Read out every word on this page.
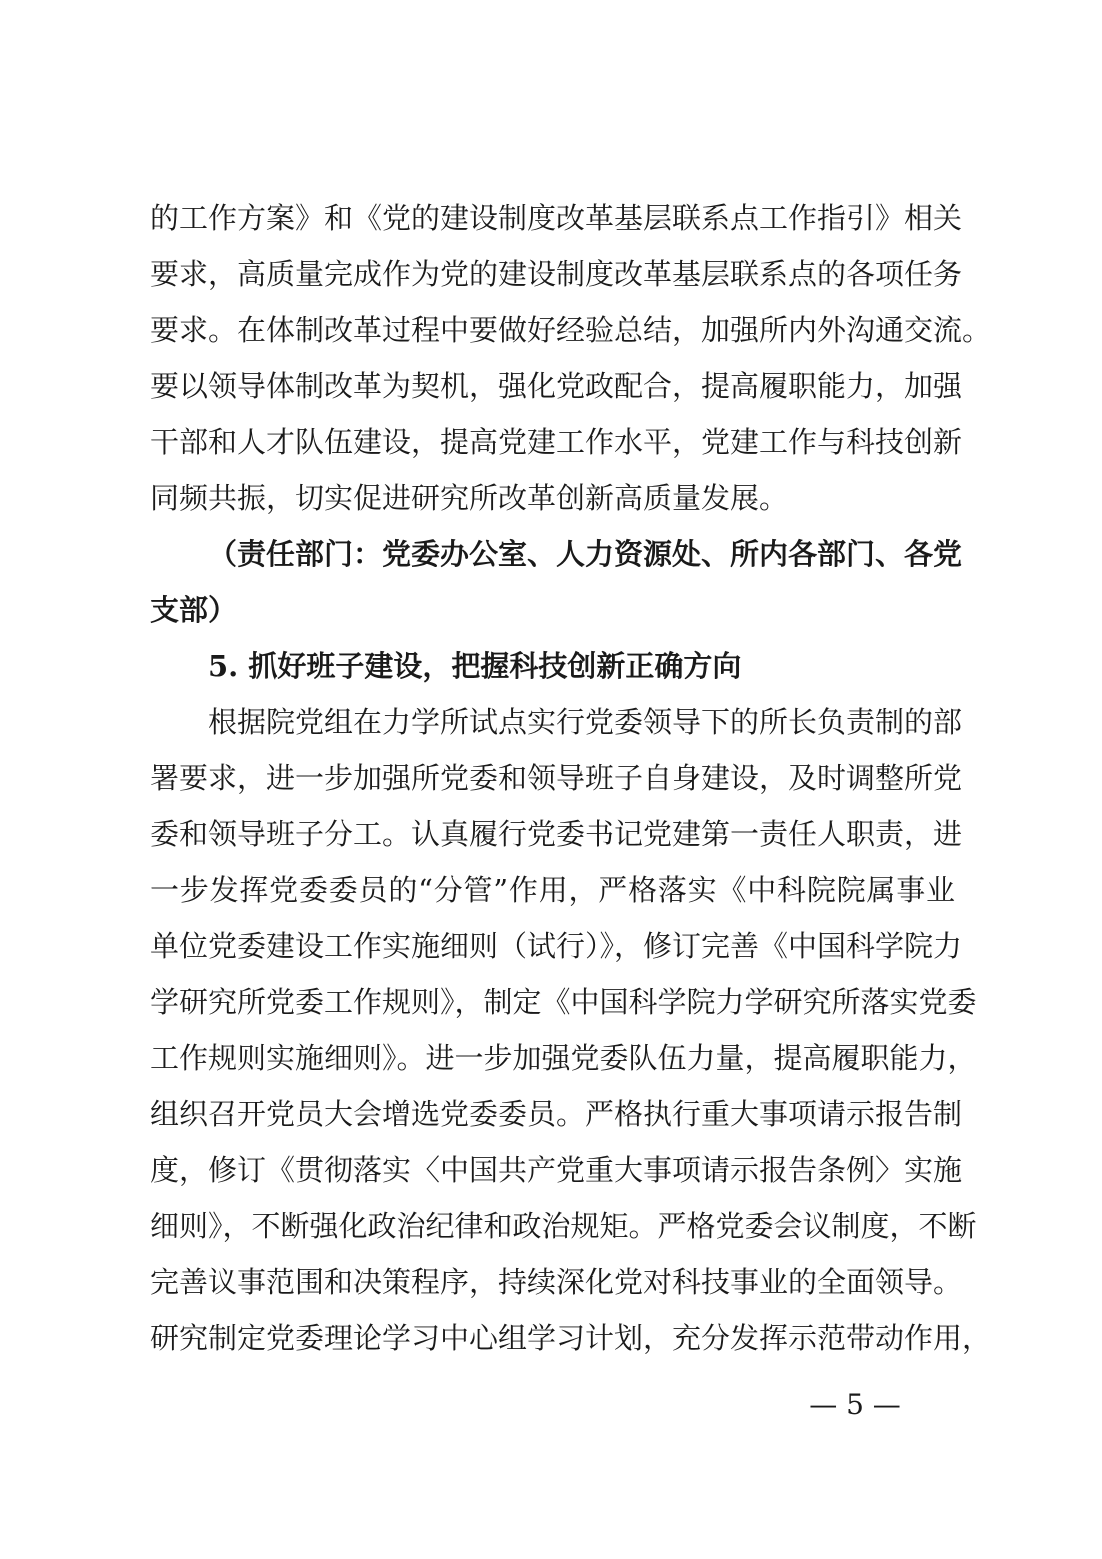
的工作方案》和《党的建设制度改革基层联系点工作指引》相关
要求，高质量完成作为党的建设制度改革基层联系点的各项任务
要求。在体制改革过程中要做好经验总结，加强所内外沟通交流。
要以领导体制改革为契机，强化党政配合，提高履职能力，加强
干部和人才队伍建设，提高党建工作水平，党建工作与科技创新
同频共振，切实促进研究所改革创新高质量发展。
（责任部门：党委办公室、人力资源处、所内各部门、各党
支部）
5. 抓好班子建设，把握科技创新正确方向
根据院党组在力学所试点实行党委领导下的所长负责制的部
署要求，进一步加强所党委和领导班子自身建设，及时调整所党
委和领导班子分工。认真履行党委书记党建第一责任人职责，进
一步发挥党委委员的“分管”作用，严格落实《中科院院属事业
单位党委建设工作实施细则（试行）》，修订完善《中国科学院力
学研究所党委工作规则》，制定《中国科学院力学研究所落实党委
工作规则实施细则》。进一步加强党委队伍力量，提高履职能力，
组织召开党员大会增选党委委员。严格执行重大事项请示报告制
度，修订《贯彻落实〈中国共产党重大事项请示报告条例〉实施
细则》，不断强化政治纪律和政治规矩。严格党委会议制度，不断
完善议事范围和决策程序，持续深化党对科技事业的全面领导。
研究制定党委理论学习中心组学习计划，充分发挥示范带动作用，
— 5 —
